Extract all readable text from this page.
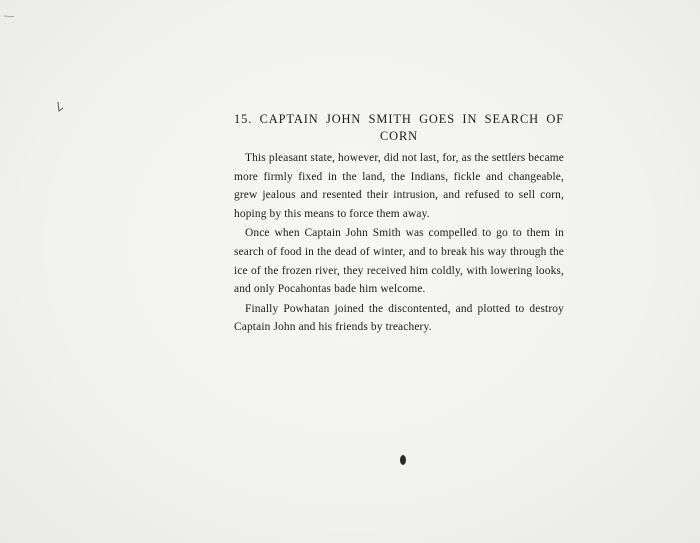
15. CAPTAIN JOHN SMITH GOES IN SEARCH OF
CORN

This pleasant state, however, did not last, for, as the settlers became more firmly fixed in the land, the Indians, fickle and changeable, grew jealous and resented their intrusion, and refused to sell corn, hoping by this means to force them away.

Once when Captain John Smith was compelled to go to them in search of food in the dead of winter, and to break his way through the ice of the frozen river, they received him coldly, with lowering looks, and only Pocahontas bade him welcome.

Finally Powhatan joined the discontented, and plotted to destroy Captain John and his friends by treachery.
